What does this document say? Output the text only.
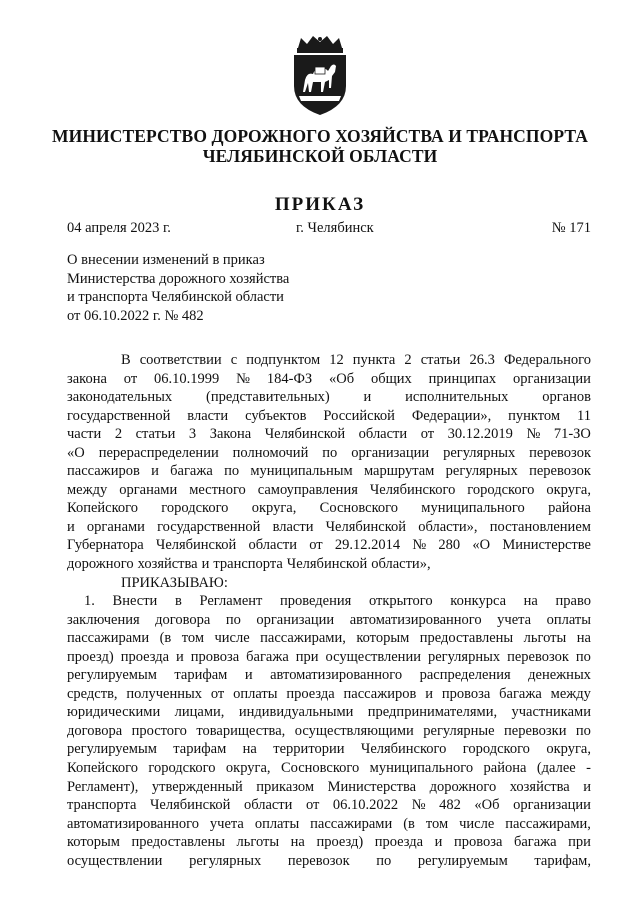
МИНИСТЕРСТВО ДОРОЖНОГО ХОЗЯЙСТВА И ТРАНСПОРТА
ЧЕЛЯБИНСКОЙ ОБЛАСТИ
ПРИКАЗ
04 апреля 2023 г.	г. Челябинск	№ 171
О внесении изменений в приказ
Министерства дорожного хозяйства
и транспорта Челябинской области
от 06.10.2022 г. № 482
В соответствии с подпунктом 12 пункта 2 статьи 26.3 Федерального
закона от 06.10.1999 № 184-ФЗ «Об общих принципах организации
законодательных (представительных) и исполнительных органов
государственной власти субъектов Российской Федерации», пунктом 11
части 2 статьи 3 Закона Челябинской области от 30.12.2019 № 71-ЗО
«О перераспределении полномочий по организации регулярных перевозок
пассажиров и багажа по муниципальным маршрутам регулярных перевозок
между органами местного самоуправления Челябинского городского округа,
Копейского городского округа, Сосновского муниципального района
и органами государственной власти Челябинской области», постановлением
Губернатора Челябинской области от 29.12.2014 № 280 «О Министерстве
дорожного хозяйства и транспорта Челябинской области»,
ПРИКАЗЫВАЮ:
1. Внести в Регламент проведения открытого конкурса на право
заключения договора по организации автоматизированного учета оплаты
пассажирами (в том числе пассажирами, которым предоставлены льготы на
проезд) проезда и провоза багажа при осуществлении регулярных перевозок по
регулируемым тарифам и автоматизированного распределения денежных
средств, полученных от оплаты проезда пассажиров и провоза багажа между
юридическими лицами, индивидуальными предпринимателями, участниками
договора простого товарищества, осуществляющими регулярные перевозки по
регулируемым тарифам на территории Челябинского городского округа,
Копейского городского округа, Сосновского муниципального района (далее -
Регламент), утвержденный приказом Министерства дорожного хозяйства и
транспорта Челябинской области от 06.10.2022 № 482 «Об организации
автоматизированного учета оплаты пассажирами (в том числе пассажирами,
которым предоставлены льготы на проезд) проезда и провоза багажа при
осуществлении регулярных перевозок по регулируемым тарифам,
